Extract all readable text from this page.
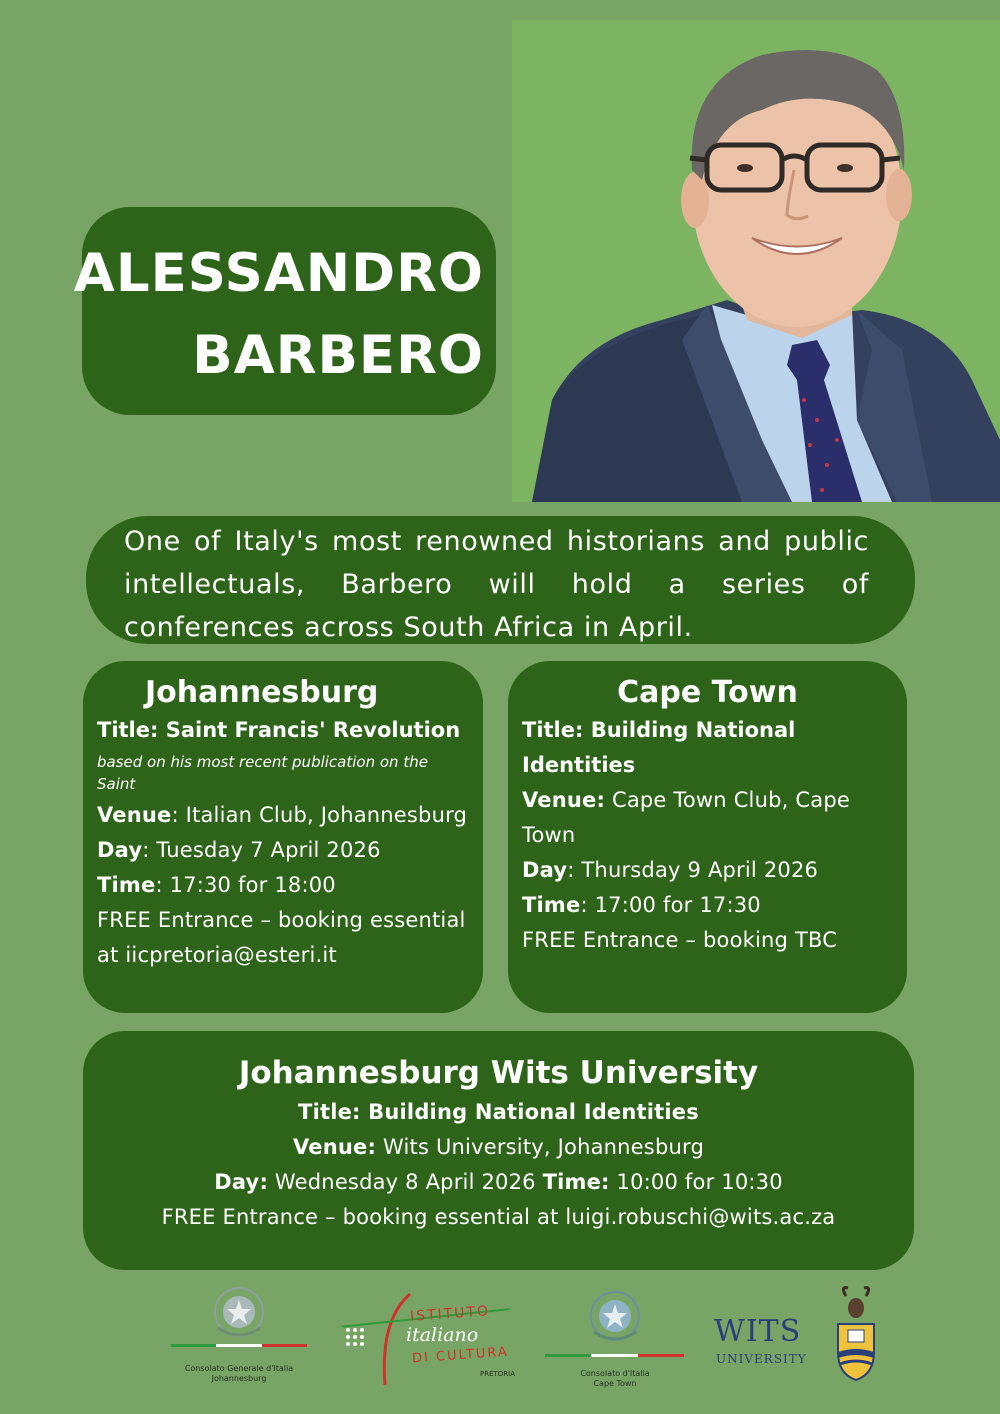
ALESSANDRO
BARBERO
One of Italy's most renowned historians and public intellectuals, Barbero will hold a series of conferences across South Africa in April.
Johannesburg
Title: Saint Francis' Revolution
based on his most recent publication on the Saint
Venue: Italian Club, Johannesburg
Day: Tuesday 7 April 2026
Time: 17:30 for 18:00
FREE Entrance – booking essential at iicpretoria@esteri.it
Cape Town
Title: Building National Identities
Venue: Cape Town Club, Cape Town
Day: Thursday 9 April 2026
Time: 17:00 for 17:30
FREE Entrance – booking TBC
Johannesburg Wits University
Title: Building National Identities
Venue: Wits University, Johannesburg
Day: Wednesday 8 April 2026 Time: 10:00 for 10:30
FREE Entrance – booking essential at luigi.robuschi@wits.ac.za
Consolato Generale d'Italia
Johannesburg
ISTITUTO
italiano
DI CULTURA
PRETORIA	Consolato d'Italia
Cape Town
WITS
UNIVERSITY
